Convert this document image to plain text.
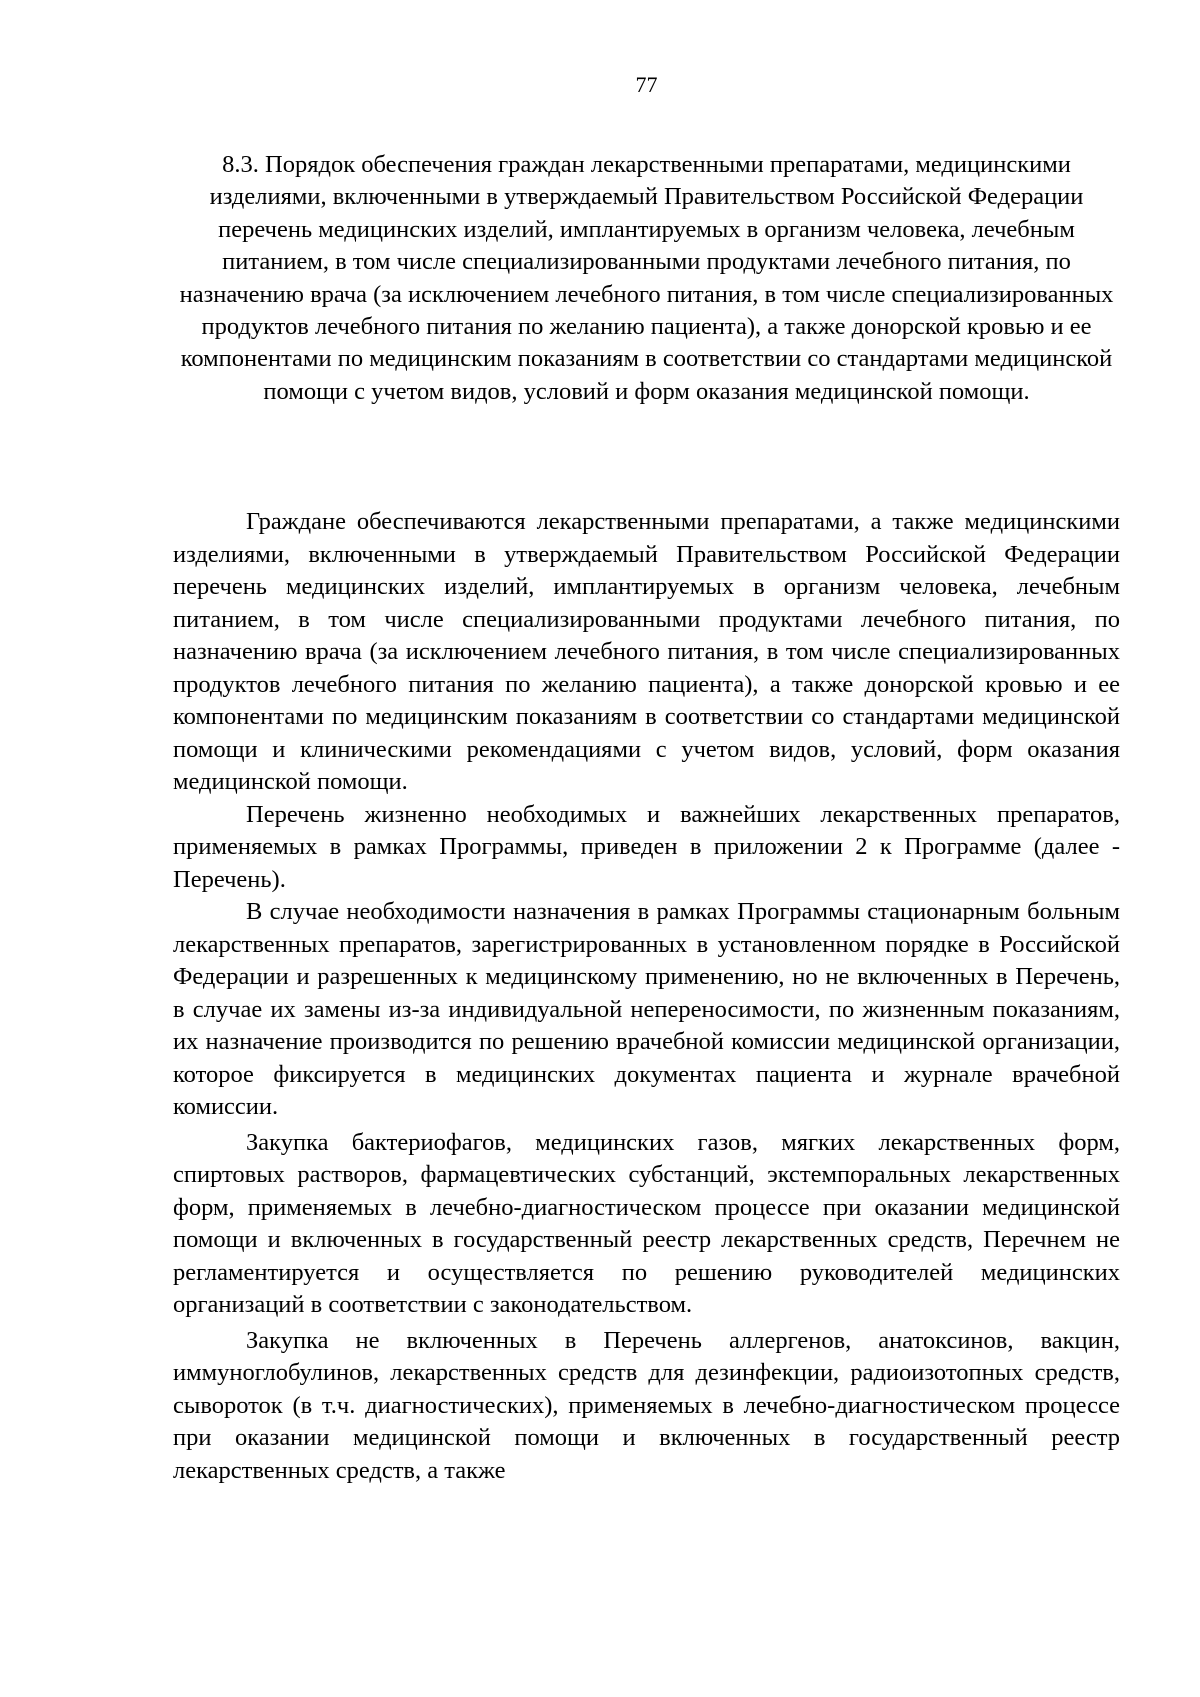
77
8.3. Порядок обеспечения граждан лекарственными препаратами, медицинскими изделиями, включенными в утверждаемый Правительством Российской Федерации перечень медицинских изделий, имплантируемых в организм человека, лечебным питанием, в том числе специализированными продуктами лечебного питания, по назначению врача (за исключением лечебного питания, в том числе специализированных продуктов лечебного питания по желанию пациента), а также донорской кровью и ее компонентами по медицинским показаниям в соответствии со стандартами медицинской помощи с учетом видов, условий и форм оказания медицинской помощи.

Граждане обеспечиваются лекарственными препаратами, а также медицинскими изделиями, включенными в утверждаемый Правительством Российской Федерации перечень медицинских изделий, имплантируемых в организм человека, лечебным питанием, в том числе специализированными продуктами лечебного питания, по назначению врача (за исключением лечебного питания, в том числе специализированных продуктов лечебного питания по желанию пациента), а также донорской кровью и ее компонентами по медицинским показаниям в соответствии со стандартами медицинской помощи и клиническими рекомендациями с учетом видов, условий, форм оказания медицинской помощи.

Перечень жизненно необходимых и важнейших лекарственных препаратов, применяемых в рамках Программы, приведен в приложении 2 к Программе (далее - Перечень).

В случае необходимости назначения в рамках Программы стационарным больным лекарственных препаратов, зарегистрированных в установленном порядке в Российской Федерации и разрешенных к медицинскому применению, но не включенных в Перечень, в случае их замены из-за индивидуальной непереносимости, по жизненным показаниям, их назначение производится по решению врачебной комиссии медицинской организации, которое фиксируется в медицинских документах пациента и журнале врачебной комиссии.

Закупка бактериофагов, медицинских газов, мягких лекарственных форм, спиртовых растворов, фармацевтических субстанций, экстемпоральных лекарственных форм, применяемых в лечебно-диагностическом процессе при оказании медицинской помощи и включенных в государственный реестр лекарственных средств, Перечнем не регламентируется и осуществляется по решению руководителей медицинских организаций в соответствии с законодательством.

Закупка не включенных в Перечень аллергенов, анатоксинов, вакцин, иммуноглобулинов, лекарственных средств для дезинфекции, радиоизотопных средств, сывороток (в т.ч. диагностических), применяемых в лечебно-диагностическом процессе при оказании медицинской помощи и включенных в государственный реестр лекарственных средств, а также
